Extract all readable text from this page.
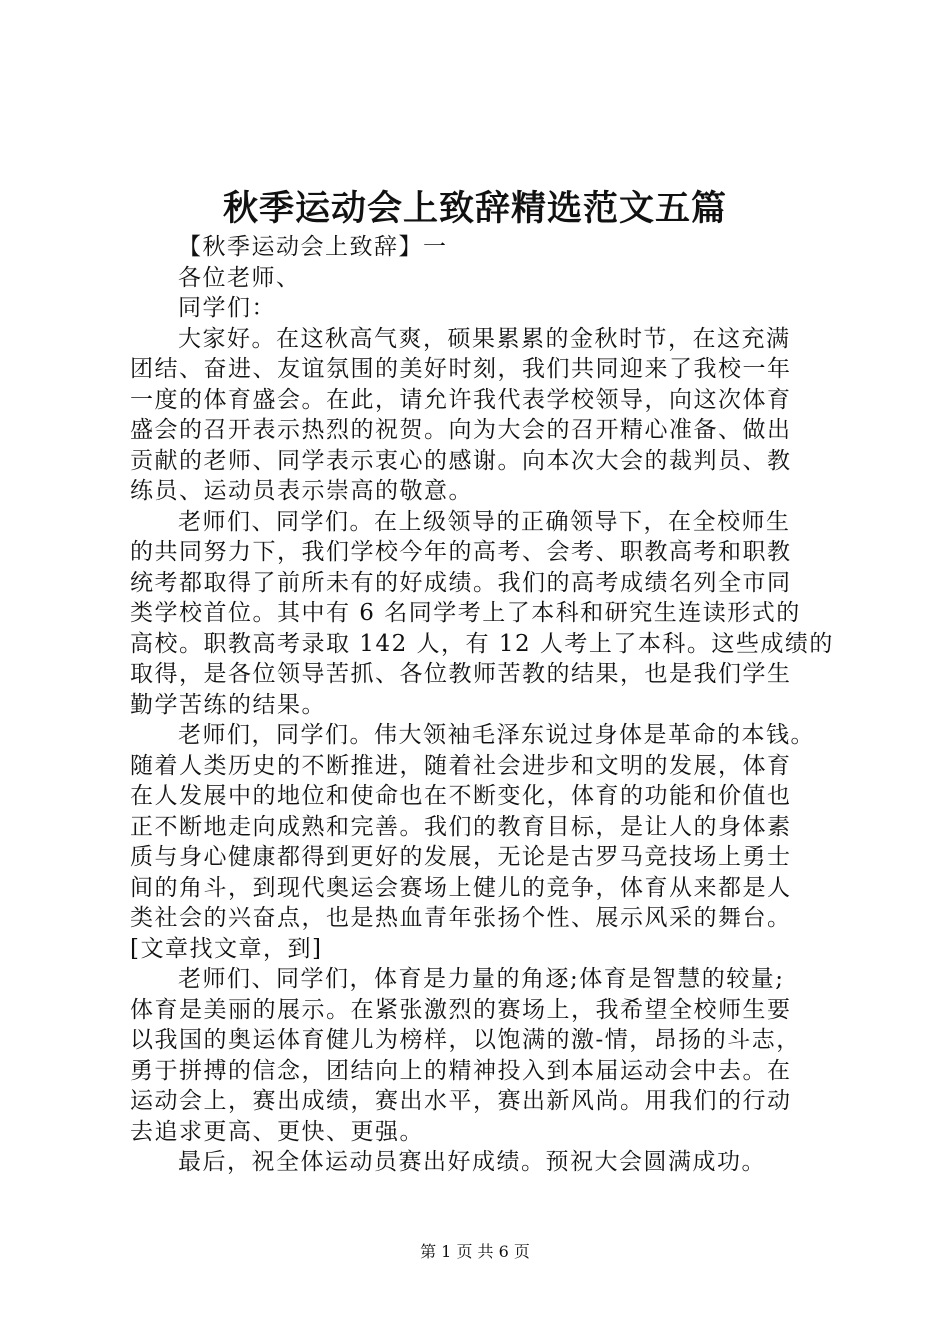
秋季运动会上致辞精选范文五篇
【秋季运动会上致辞】一
各位老师、
同学们：
大家好。在这秋高气爽，硕果累累的金秋时节，在这充满
团结、奋进、友谊氛围的美好时刻，我们共同迎来了我校一年
一度的体育盛会。在此，请允许我代表学校领导，向这次体育
盛会的召开表示热烈的祝贺。向为大会的召开精心准备、做出
贡献的老师、同学表示衷心的感谢。向本次大会的裁判员、教
练员、运动员表示崇高的敬意。
老师们、同学们。在上级领导的正确领导下，在全校师生
的共同努力下，我们学校今年的高考、会考、职教高考和职教
统考都取得了前所未有的好成绩。我们的高考成绩名列全市同
类学校首位。其中有 6 名同学考上了本科和研究生连读形式的
高校。职教高考录取 142 人，有 12 人考上了本科。这些成绩的
取得，是各位领导苦抓、各位教师苦教的结果，也是我们学生
勤学苦练的结果。
老师们，同学们。伟大领袖毛泽东说过身体是革命的本钱。
随着人类历史的不断推进，随着社会进步和文明的发展，体育
在人发展中的地位和使命也在不断变化，体育的功能和价值也
正不断地走向成熟和完善。我们的教育目标，是让人的身体素
质与身心健康都得到更好的发展，无论是古罗马竞技场上勇士
间的角斗，到现代奥运会赛场上健儿的竞争，体育从来都是人
类社会的兴奋点，也是热血青年张扬个性、展示风采的舞台。
[文章找文章，到]
老师们、同学们，体育是力量的角逐;体育是智慧的较量;
体育是美丽的展示。在紧张激烈的赛场上，我希望全校师生要
以我国的奥运体育健儿为榜样，以饱满的激-情，昂扬的斗志，
勇于拼搏的信念，团结向上的精神投入到本届运动会中去。在
运动会上，赛出成绩，赛出水平，赛出新风尚。用我们的行动
去追求更高、更快、更强。
最后，祝全体运动员赛出好成绩。预祝大会圆满成功。
第 1 页 共 6 页
